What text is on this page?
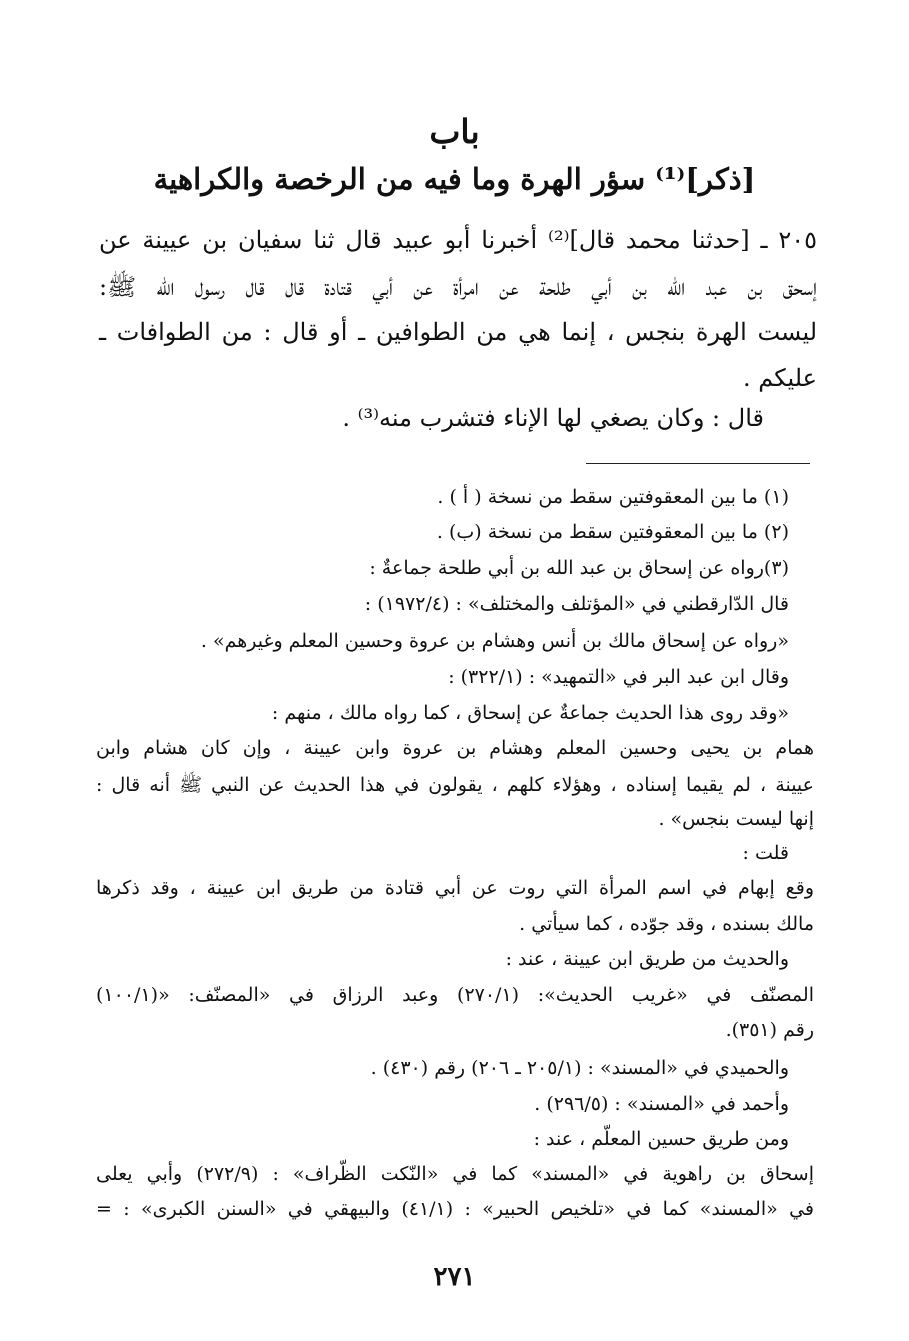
باب
[ذكر]⁽¹⁾ سؤر الهرة وما فيه من الرخصة والكراهية
٢٠٥ ـ [حدثنا محمد قال]⁽²⁾ أخبرنا أبو عبيد قال ثنا سفيان بن عيينة عن
إسحق بن عبد الله بن أبي طلحة عن امرأة عن أبي قتادة قال قال رسول الله ﷺ:
ليست الهرة بنجس ، إنما هي من الطوافين ـ أو قال : من الطوافات ـ
عليكم .
قال : وكان يصغي لها الإناء فتشرب منه⁽³⁾ .
(١) ما بين المعقوفتين سقط من نسخة ( أ ) .
(٢) ما بين المعقوفتين سقط من نسخة (ب) .
(٣)رواه عن إسحاق بن عبد الله بن أبي طلحة جماعةٌ :
قال الدّارقطني في «المؤتلف والمختلف» : (١٩٧٢/٤) :
«رواه عن إسحاق مالك بن أنس وهشام بن عروة وحسين المعلم وغيرهم» .
وقال ابن عبد البر في «التمهيد» : (٣٢٢/١) :
«وقد روى هذا الحديث جماعةٌ عن إسحاق ، كما رواه مالك ، منهم :
همام بن يحيى وحسين المعلم وهشام بن عروة وابن عيينة ، وإن كان هشام وابن
عيينة ، لم يقيما إسناده ، وهؤلاء كلهم ، يقولون في هذا الحديث عن النبي ﷺ أنه قال :
إنها ليست بنجس» .
قلت :
وقع إبهام في اسم المرأة التي روت عن أبي قتادة من طريق ابن عيينة ، وقد ذكرها
مالك بسنده ، وقد جوّده ، كما سيأتي .
والحديث من طريق ابن عيينة ، عند :
المصنّف في «غريب الحديث»: (٢٧٠/١) وعبد الرزاق في «المصنّف: «(١٠٠/١)
رقم (٣٥١).
والحميدي في «المسند» : (٢٠٥/١ ـ ٢٠٦) رقم (٤٣٠) .
وأحمد في «المسند» : (٢٩٦/٥) .
ومن طريق حسين المعلّم ، عند :
إسحاق بن راهوية في «المسند» كما في «النّكت الظّراف» : (٢٧٢/٩) وأبي يعلى
في «المسند» كما في «تلخيص الحبير» : (٤١/١) والبيهقي في «السنن الكبرى» : =
٢٧١
